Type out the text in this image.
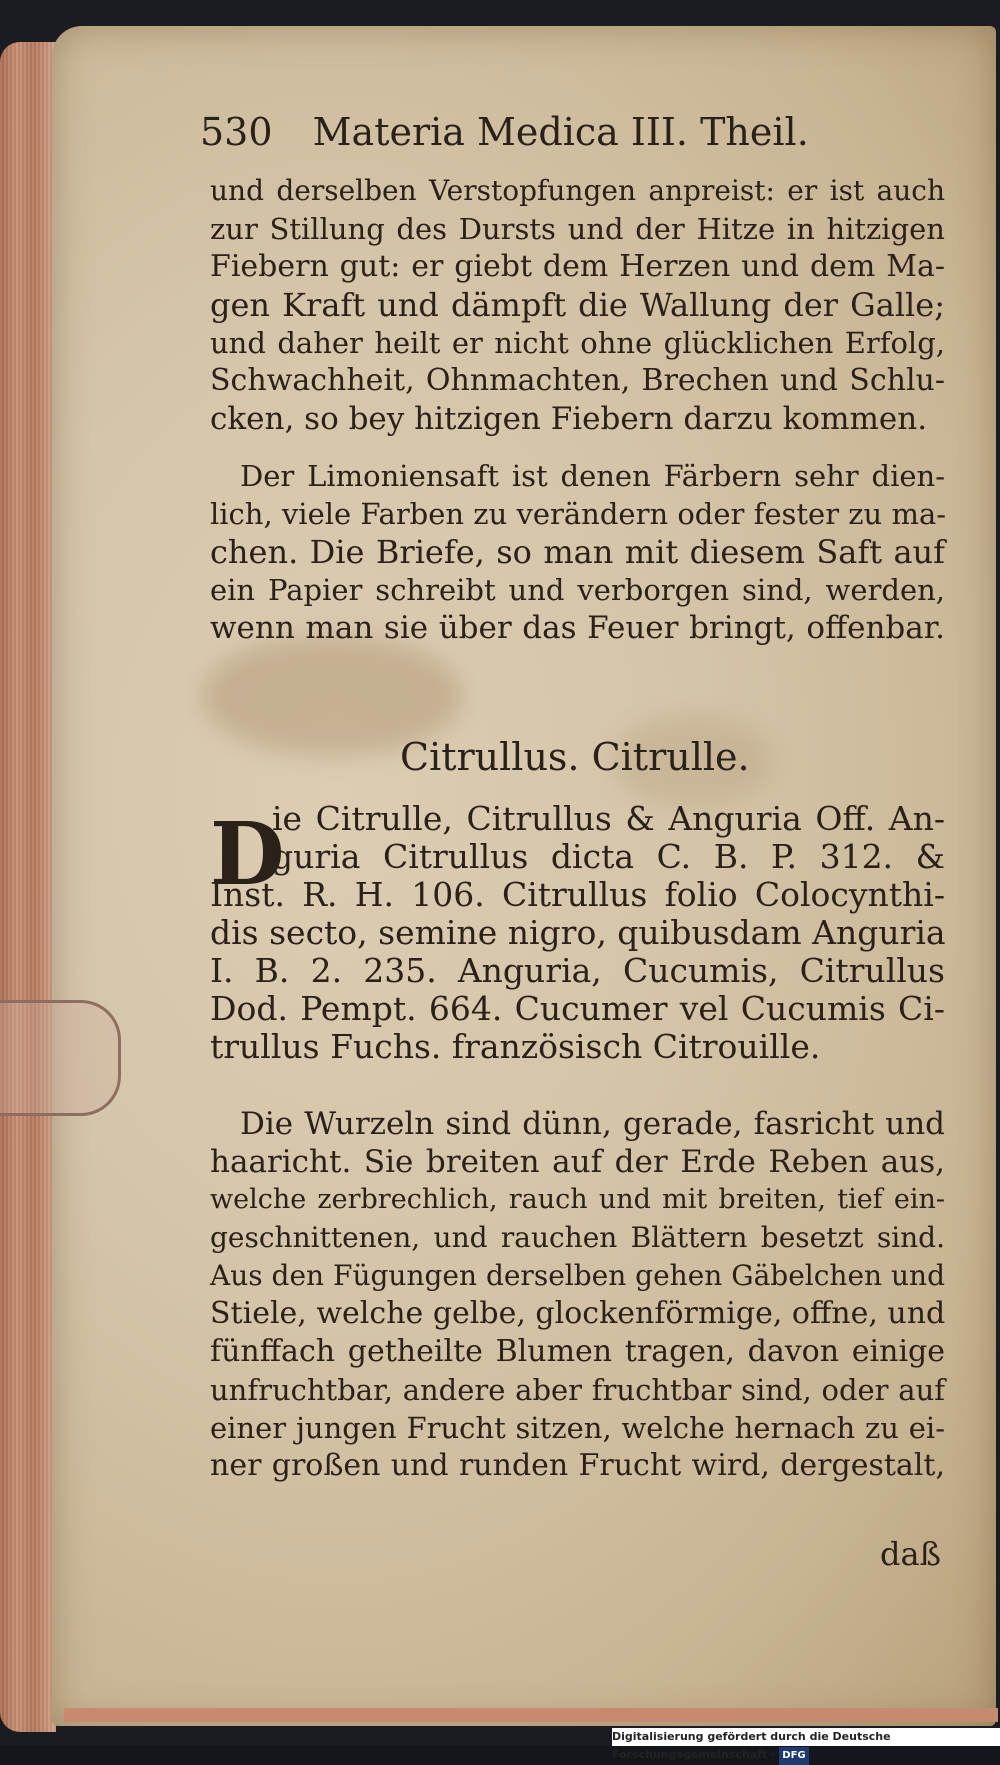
530 Materia Medica III. Theil.
und derselben Verstopfungen anpreist: er ist auch
zur Stillung des Dursts und der Hitze in hitzigen
Fiebern gut: er giebt dem Herzen und dem Ma-
gen Kraft und dämpft die Wallung der Galle;
und daher heilt er nicht ohne glücklichen Erfolg,
Schwachheit, Ohnmachten, Brechen und Schlu-
cken, so bey hitzigen Fiebern darzu kommen.
Der Limoniensaft ist denen Färbern sehr dien-
lich, viele Farben zu verändern oder fester zu ma-
chen. Die Briefe, so man mit diesem Saft auf
ein Papier schreibt und verborgen sind, werden,
wenn man sie über das Feuer bringt, offenbar.
Citrullus. Citrulle.
D
ie Citrulle, Citrullus & Anguria Off. An-
guria Citrullus dicta C. B. P. 312. &
Inst. R. H. 106. Citrullus folio Colocynthi-
dis secto, semine nigro, quibusdam Anguria
I. B. 2. 235. Anguria, Cucumis, Citrullus
Dod. Pempt. 664. Cucumer vel Cucumis Ci-
trullus Fuchs. französisch Citrouille.
Die Wurzeln sind dünn, gerade, fasricht und
haaricht. Sie breiten auf der Erde Reben aus,
welche zerbrechlich, rauch und mit breiten, tief ein-
geschnittenen, und rauchen Blättern besetzt sind.
Aus den Fügungen derselben gehen Gäbelchen und
Stiele, welche gelbe, glockenförmige, offne, und
fünffach getheilte Blumen tragen, davon einige
unfruchtbar, andere aber fruchtbar sind, oder auf
einer jungen Frucht sitzen, welche hernach zu ei-
ner großen und runden Frucht wird, dergestalt,
daß
Digitalisierung gefördert durch die Deutsche Forschungsgemeinschaft · DFG
